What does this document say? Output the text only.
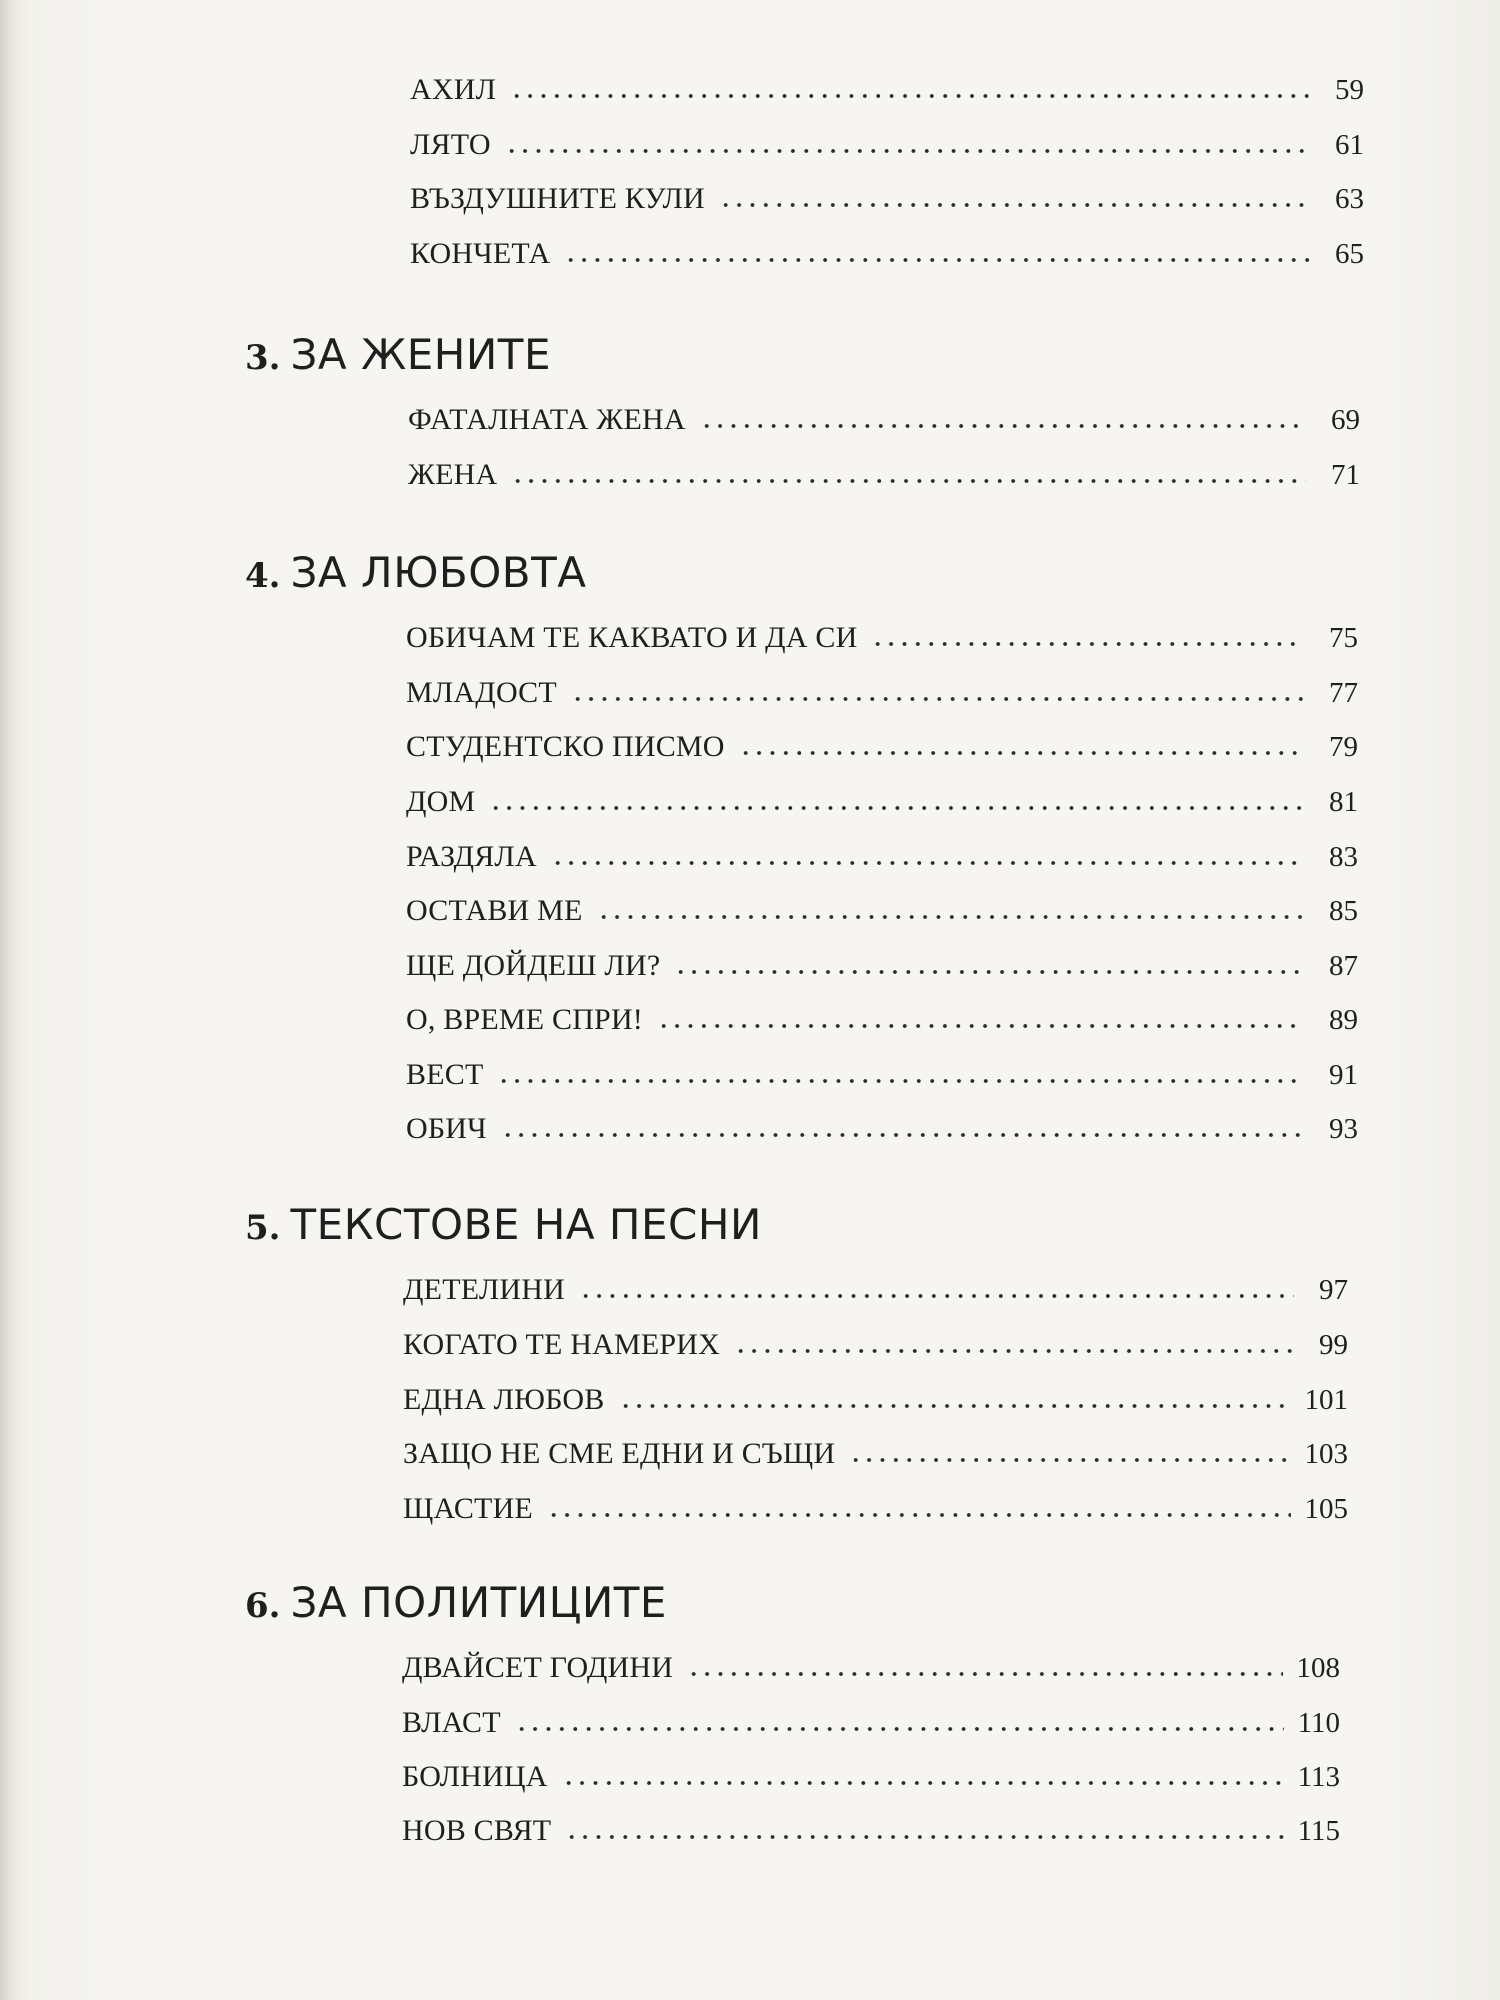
АХИЛ	59
ЛЯТО	61
ВЪЗДУШНИТЕ КУЛИ	63
КОНЧЕТА	65
3. ЗА ЖЕНИТЕ
ФАТАЛНАТА ЖЕНА	69
ЖЕНА	71
4. ЗА ЛЮБОВТА
ОБИЧАМ ТЕ КАКВАТО И ДА СИ	75
МЛАДОСТ	77
СТУДЕНТСКО ПИСМО	79
ДОМ	81
РАЗДЯЛА	83
ОСТАВИ МЕ	85
ЩЕ ДОЙДЕШ ЛИ?	87
О, ВРЕМЕ СПРИ!	89
ВЕСТ	91
ОБИЧ	93
5. ТЕКСТОВЕ НА ПЕСНИ
ДЕТЕЛИНИ	97
КОГАТО ТЕ НАМЕРИХ	99
ЕДНА ЛЮБОВ	101
ЗАЩО НЕ СМЕ ЕДНИ И СЪЩИ	103
ЩАСТИЕ	105
6. ЗА ПОЛИТИЦИТЕ
ДВАЙСЕТ ГОДИНИ	108
ВЛАСТ	110
БОЛНИЦА	113
НОВ СВЯТ	115
